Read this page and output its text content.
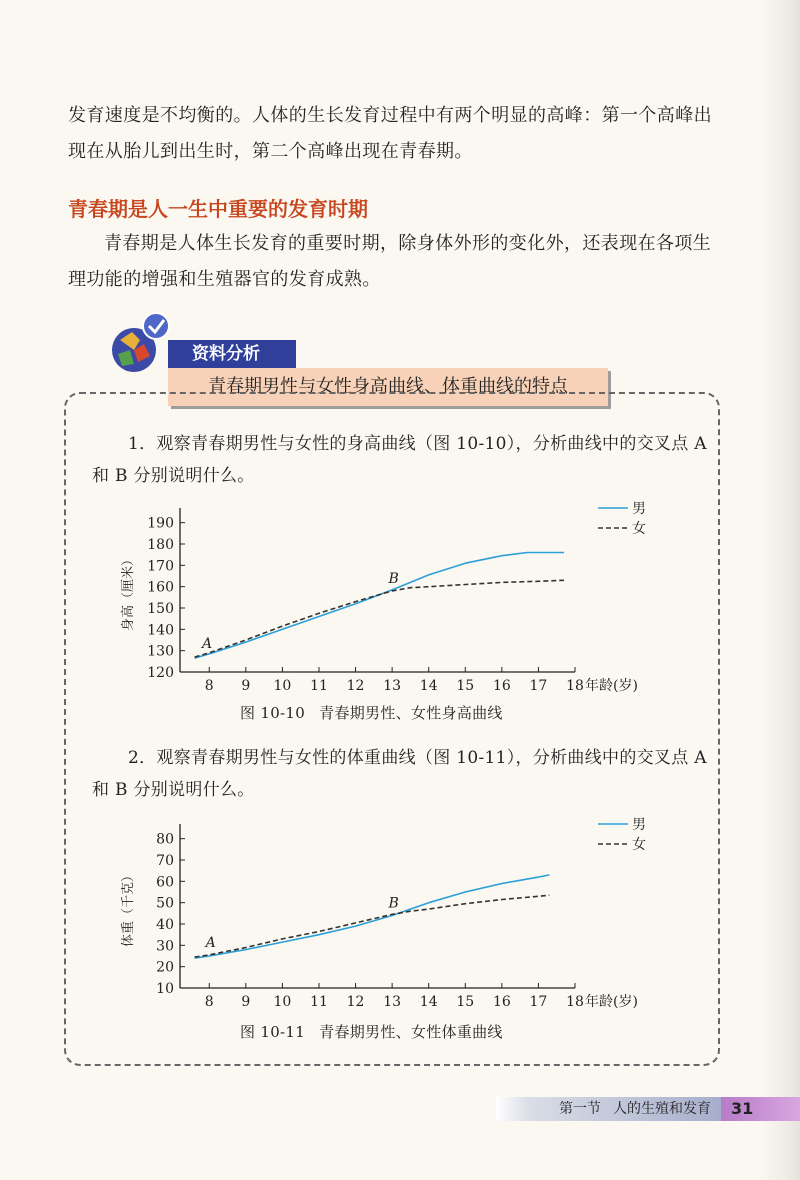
发育速度是不均衡的。人体的生长发育过程中有两个明显的高峰：第一个高峰出现在从胎儿到出生时，第二个高峰出现在青春期。

青春期是人一生中重要的发育时期

青春期是人体生长发育的重要时期，除身体外形的变化外，还表现在各项生理功能的增强和生殖器官的发育成熟。

资料分析
青春期男性与女性身高曲线、体重曲线的特点

1．观察青春期男性与女性的身高曲线（图 10-10），分析曲线中的交叉点 A 和 B 分别说明什么。

120
130
140
150
160
170
180
190
8 9 10 11 12 13 14 15 16 17 18 年龄(岁)
身高（厘米）
男
女
A
B

图 10-10 青春期男性、女性身高曲线

2．观察青春期男性与女性的体重曲线（图 10-11），分析曲线中的交叉点 A 和 B 分别说明什么。

10
20
30
40
50
60
70
80
8 9 10 11 12 13 14 15 16 17 18 年龄(岁)
体重（千克）
男
女
A
B

图 10-11 青春期男性、女性体重曲线

第一节 人的生殖和发育	31
